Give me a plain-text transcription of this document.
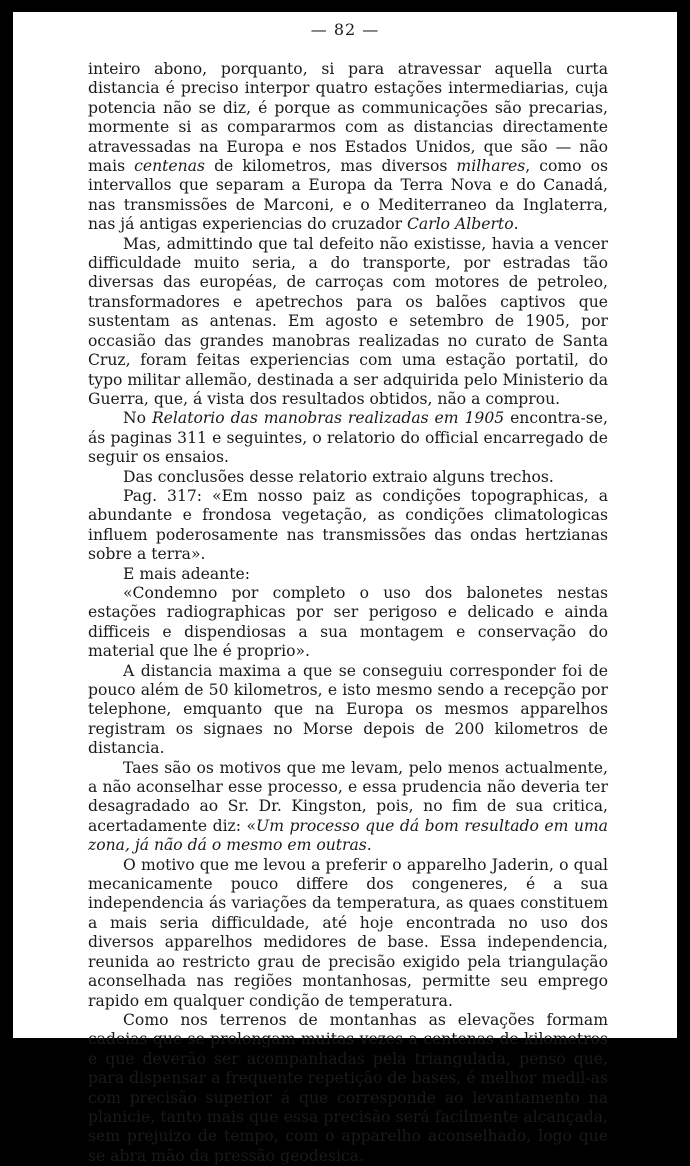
— 82 —

inteiro abono, porquanto, si para atravessar aquella curta distancia é preciso interpor quatro estações intermediarias, cuja potencia não se diz, é porque as communicações são precarias, mormente si as compararmos com as distancias directamente atravessadas na Europa e nos Estados Unidos, que são — não mais centenas de kilometros, mas diversos milhares, como os intervallos que separam a Europa da Terra Nova e do Canadá, nas transmissões de Marconi, e o Mediterraneo da Inglaterra, nas já antigas experiencias do cruzador Carlo Alberto.

Mas, admittindo que tal defeito não existisse, havia a vencer difficuldade muito seria, a do transporte, por estradas tão diversas das européas, de carroças com motores de petroleo, transformadores e apetrechos para os balões captivos que sustentam as antenas. Em agosto e setembro de 1905, por occasião das grandes manobras realizadas no curato de Santa Cruz, foram feitas experiencias com uma estação portatil, do typo militar allemão, destinada a ser adquirida pelo Ministerio da Guerra, que, á vista dos resultados obtidos, não a comprou.

No Relatorio das manobras realizadas em 1905 encontra-se, ás paginas 311 e seguintes, o relatorio do official encarregado de seguir os ensaios.

Das conclusões desse relatorio extraio alguns trechos.

Pag. 317: «Em nosso paiz as condições topographicas, a abundante e frondosa vegetação, as condições climatologicas influem poderosamente nas transmissões das ondas hertzianas sobre a terra».

E mais adeante:

«Condemno por completo o uso dos balonetes nestas estações radiographicas por ser perigoso e delicado e ainda difficeis e dispendiosas a sua montagem e conservação do material que lhe é proprio».

A distancia maxima a que se conseguiu corresponder foi de pouco além de 50 kilometros, e isto mesmo sendo a recepção por telephone, emquanto que na Europa os mesmos apparelhos registram os signaes no Morse depois de 200 kilometros de distancia.

Taes são os motivos que me levam, pelo menos actualmente, a não aconselhar esse processo, e essa prudencia não deveria ter desagradado ao Sr. Dr. Kingston, pois, no fim de sua critica, acertadamente diz: «Um processo que dá bom resultado em uma zona, já não dá o mesmo em outras.

O motivo que me levou a preferir o apparelho Jaderin, o qual mecanicamente pouco differe dos congeneres, é a sua independencia ás variações da temperatura, as quaes constituem a mais seria difficuldade, até hoje encontrada no uso dos diversos apparelhos medidores de base. Essa independencia, reunida ao restricto grau de precisão exigido pela triangulação aconselhada nas regiões montanhosas, permitte seu emprego rapido em qualquer condição de temperatura.

Como nos terrenos de montanhas as elevações formam cadeias que se prolongam muitas vezes a centenas de kilometros e que deverão ser acompanhadas pela triangulada, penso que, para dispensar a frequente repetição de bases, é melhor medil-as com precisão superior á que corresponde ao levantamento na planicie, tanto mais que essa precisão será facilmente alcançada, sem prejuizo de tempo, com o apparelho aconselhado, logo que se abra mão da pressão geodesica.
